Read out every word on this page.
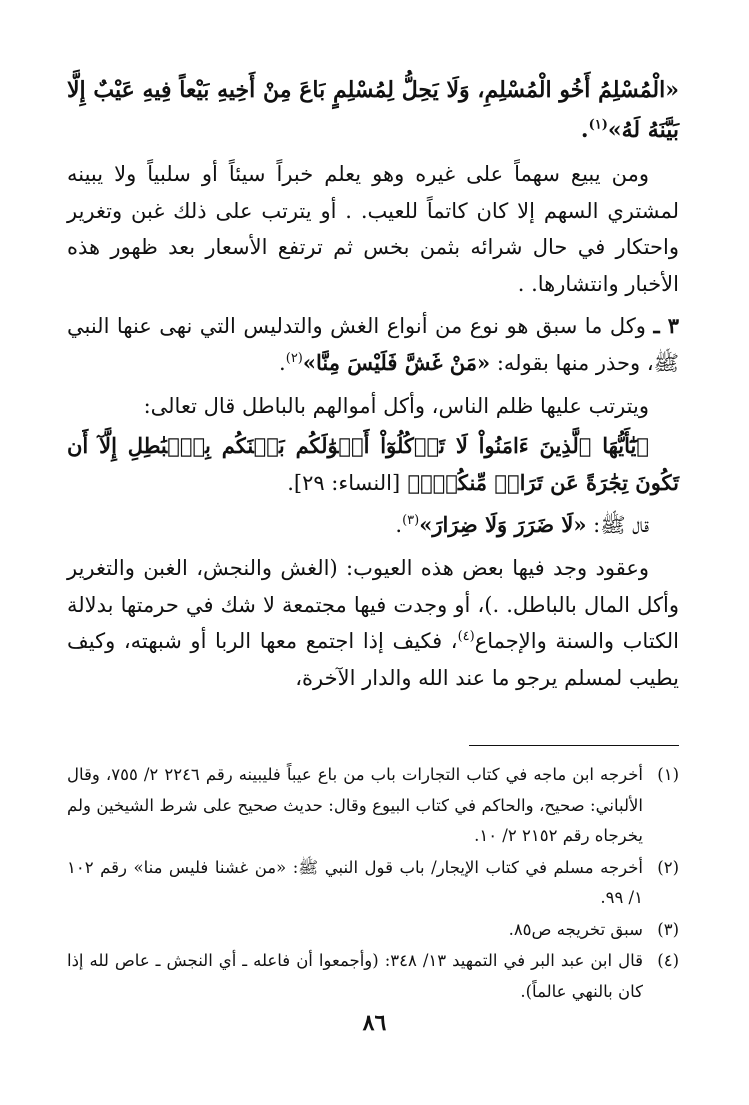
«الْمُسْلِمُ أَخُو الْمُسْلِمِ، وَلَا يَحِلُّ لِمُسْلِمٍ بَاعَ مِنْ أَخِيهِ بَيْعاً فِيهِ عَيْبٌ إِلَّا بَيَّنَهُ لَهُ»$^{(١)}$.

ومن يبيع سهماً على غيره وهو يعلم خبراً سيئاً أو سلبياً ولا يبينه لمشتري السهم إلا كان كاتماً للعيب. . أو يترتب على ذلك غبن وتغرير واحتكار في حال شرائه بثمن بخس ثم ترتفع الأسعار بعد ظهور هذه الأخبار وانتشارها. .

٣ ـ وكل ما سبق هو نوع من أنواع الغش والتدليس التي نهى عنها النبي ﷺ، وحذر منها بقوله: «مَنْ غَشَّ فَلَيْسَ مِنَّا»$^{(٢)}$.

ويترتب عليها ظلم الناس، وأكل أموالهم بالباطل قال تعالى:

﴿يَٰٓأَيُّهَا ٱلَّذِينَ ءَامَنُواْ لَا تَأۡكُلُوٓاْ أَمۡوَٰلَكُم بَيۡنَكُم بِٱلۡبَٰطِلِ إِلَّآ أَن تَكُونَ تِجَٰرَةً عَن تَرَاضٖ مِّنكُمۡۚ﴾ [النساء: ٢٩].

قال ﷺ: «لَا ضَرَرَ وَلَا ضِرَارَ»$^{(٣)}$.

وعقود وجد فيها بعض هذه العيوب: (الغش والنجش، الغبن والتغرير وأكل المال بالباطل. .)، أو وجدت فيها مجتمعة لا شك في حرمتها بدلالة الكتاب والسنة والإجماع$^{(٤)}$، فكيف إذا اجتمع معها الربا أو شبهته، وكيف يطيب لمسلم يرجو ما عند الله والدار الآخرة،

(١)
أخرجه ابن ماجه في كتاب التجارات باب من باع عيباً فليبينه رقم ٢٢٤٦ ٢/ ٧٥٥، وقال الألباني: صحيح، والحاكم في كتاب البيوع وقال: حديث صحيح على شرط الشيخين ولم يخرجاه رقم ٢١٥٢ ٢/ ١٠.

(٢)
أخرجه مسلم في كتاب الإيجار/ باب قول النبي ﷺ: «من غشنا فليس منا» رقم ١٠٢ ١/ ٩٩.

(٣)
سبق تخريجه ص٨٥.

(٤)
قال ابن عبد البر في التمهيد ١٣/ ٣٤٨: (وأجمعوا أن فاعله ـ أي النجش ـ عاص لله إذا كان بالنهي عالماً).

٨٦
